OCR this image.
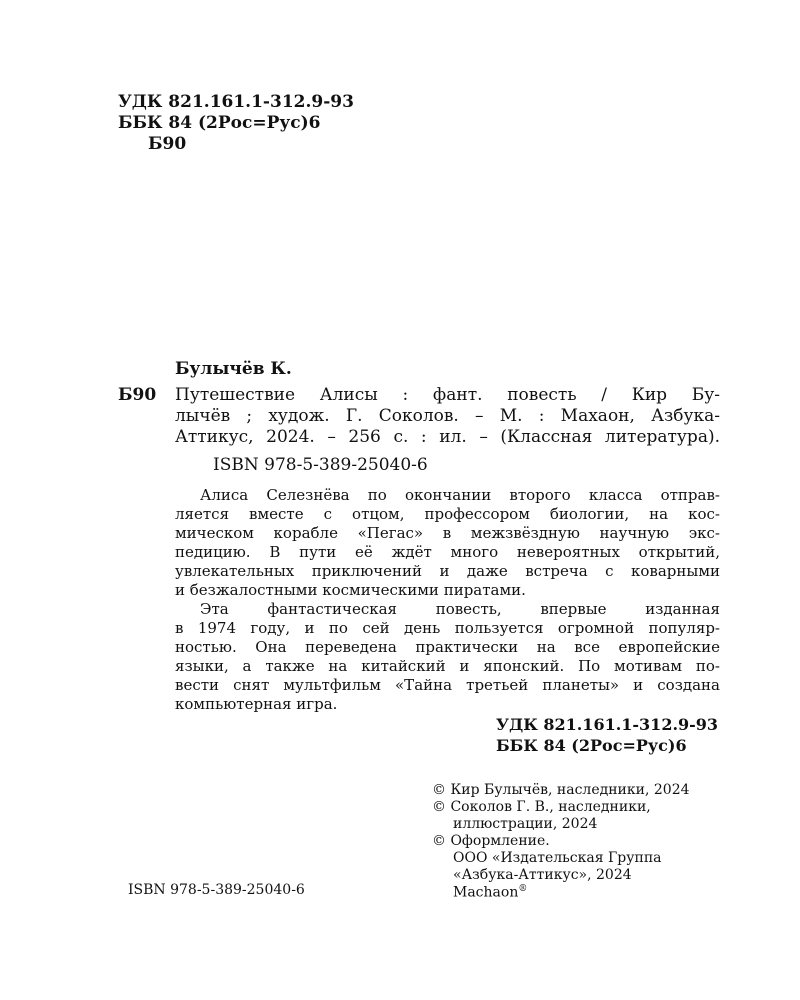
УДК 821.161.1-312.9-93
ББК 84 (2Рос=Рус)6
Б90
Булычёв К.
Б90 Путешествие Алисы : фант. повесть / Кир Бу-
лычёв ; худож. Г. Соколов. – М. : Махаон, Азбука-
Аттикус, 2024. – 256 с. : ил. – (Классная литература).
ISBN 978-5-389-25040-6
Алиса Селезнёва по окончании второго класса отправ-
ляется вместе с отцом, профессором биологии, на кос-
мическом корабле «Пегас» в межзвёздную научную экс-
педицию. В пути её ждёт много невероятных открытий,
увлекательных приключений и даже встреча с коварными
и безжалостными космическими пиратами.
Эта фантастическая повесть, впервые изданная
в 1974 году, и по сей день пользуется огромной популяр-
ностью. Она переведена практически на все европейские
языки, а также на китайский и японский. По мотивам по-
вести снят мультфильм «Тайна третьей планеты» и создана
компьютерная игра.
УДК 821.161.1-312.9-93
ББК 84 (2Рос=Рус)6
© Кир Булычёв, наследники, 2024
© Соколов Г. В., наследники,
иллюстрации, 2024
© Оформление.
ООО «Издательская Группа
«Азбука-Аттикус», 2024
Machaon®
ISBN 978-5-389-25040-6
